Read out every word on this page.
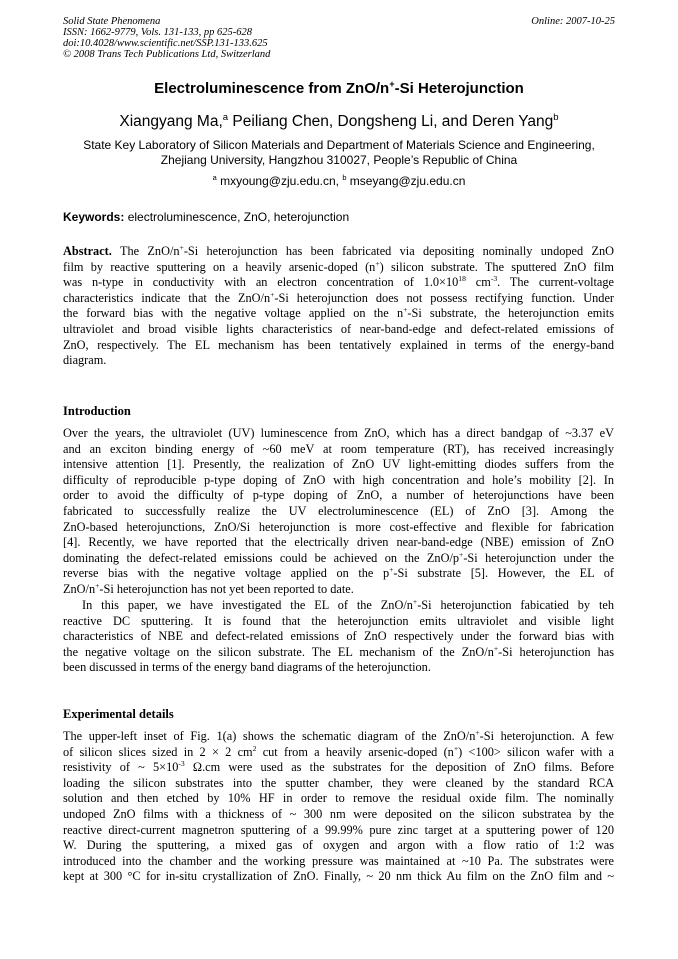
Solid State Phenomena
ISSN: 1662-9779, Vols. 131-133, pp 625-628
doi:10.4028/www.scientific.net/SSP.131-133.625
© 2008 Trans Tech Publications Ltd, Switzerland
Online: 2007-10-25
Electroluminescence from ZnO/n+-Si Heterojunction
Xiangyang Ma,$^a$ Peiliang Chen, Dongsheng Li, and Deren Yang$^b$
State Key Laboratory of Silicon Materials and Department of Materials Science and Engineering,
Zhejiang University, Hangzhou 310027, People’s Republic of China
$^a$ mxyoung@zju.edu.cn, $^b$ mseyang@zju.edu.cn
Keywords: electroluminescence, ZnO, heterojunction
Abstract. The ZnO/n+-Si heterojunction has been fabricated via depositing nominally undoped ZnO
film by reactive sputtering on a heavily arsenic-doped (n+) silicon substrate. The sputtered ZnO film
was n-type in conductivity with an electron concentration of $1.0\times 10^{18}$ $cm^{-3}$. The current-voltage
characteristics indicate that the ZnO/n+-Si heterojunction does not possess rectifying function. Under
the forward bias with the negative voltage applied on the n+-Si substrate, the heterojunction emits
ultraviolet and broad visible lights characteristics of near-band-edge and defect-related emissions of
ZnO, respectively. The EL mechanism has been tentatively explained in terms of the energy-band
diagram.
Introduction
Over the years, the ultraviolet (UV) luminescence from ZnO, which has a direct bandgap of ~3.37 eV
and an exciton binding energy of ~60 meV at room temperature (RT), has received increasingly
intensive attention [1]. Presently, the realization of ZnO UV light-emitting diodes suffers from the
difficulty of reproducible p-type doping of ZnO with high concentration and hole’s mobility [2]. In
order to avoid the difficulty of p-type doping of ZnO, a number of heterojunctions have been
fabricated to successfully realize the UV electroluminescence (EL) of ZnO [3]. Among the
ZnO-based heterojunctions, ZnO/Si heterojunction is more cost-effective and flexible for fabrication
[4]. Recently, we have reported that the electrically driven near-band-edge (NBE) emission of ZnO
dominating the defect-related emissions could be achieved on the ZnO/p+-Si heterojunction under the
reverse bias with the negative voltage applied on the p+-Si substrate [5]. However, the EL of
ZnO/n+-Si heterojunction has not yet been reported to date.
In this paper, we have investigated the EL of the ZnO/n+-Si heterojunction fabicatied by teh
reactive DC sputtering. It is found that the heterojunction emits ultraviolet and visible light
characteristics of NBE and defect-related emissions of ZnO respectively under the forward bias with
the negative voltage on the silicon substrate. The EL mechanism of the ZnO/n+-Si heterojunction has
been discussed in terms of the energy band diagrams of the heterojunction.
Experimental details
The upper-left inset of Fig. 1(a) shows the schematic diagram of the ZnO/n+-Si heterojunction. A few
of silicon slices sized in 2 × 2 $cm^2$ cut from a heavily arsenic-doped (n+) <100> silicon wafer with a
resistivity of ~ $5\times 10^{-3}$ Ω.cm were used as the substrates for the deposition of ZnO films. Before
loading the silicon substrates into the sputter chamber, they were cleaned by the standard RCA
solution and then etched by 10% HF in order to remove the residual oxide film. The nominally
undoped ZnO films with a thickness of ~ 300 nm were deposited on the silicon substratea by the
reactive direct-current magnetron sputtering of a 99.99% pure zinc target at a sputtering power of 120
W. During the sputtering, a mixed gas of oxygen and argon with a flow ratio of 1:2 was
introduced into the chamber and the working pressure was maintained at ~10 Pa. The substrates were
kept at 300 °C for in-situ crystallization of ZnO. Finally, ~ 20 nm thick Au film on the ZnO film and ~
